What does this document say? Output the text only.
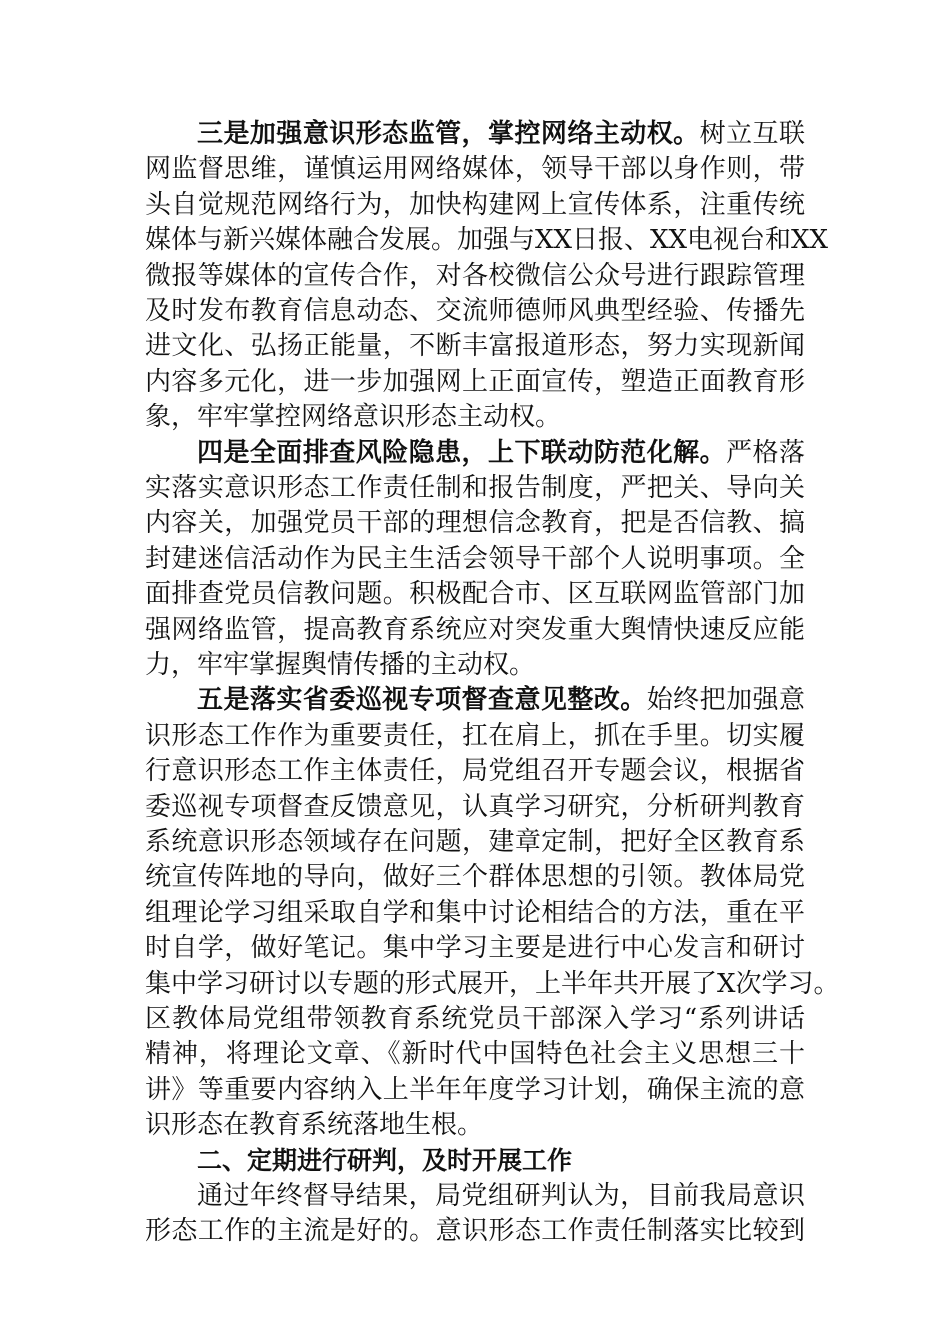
三是加强意识形态监管，掌控网络主动权。树立互联
网监督思维，谨慎运用网络媒体，领导干部以身作则，带
头自觉规范网络行为，加快构建网上宣传体系，注重传统
媒体与新兴媒体融合发展。加强与XX日报、XX电视台和XX
微报等媒体的宣传合作，对各校微信公众号进行跟踪管理
及时发布教育信息动态、交流师德师风典型经验、传播先
进文化、弘扬正能量，不断丰富报道形态，努力实现新闻
内容多元化，进一步加强网上正面宣传，塑造正面教育形
象，牢牢掌控网络意识形态主动权。
四是全面排查风险隐患，上下联动防范化解。严格落
实落实意识形态工作责任制和报告制度，严把关、导向关
内容关，加强党员干部的理想信念教育，把是否信教、搞
封建迷信活动作为民主生活会领导干部个人说明事项。全
面排查党员信教问题。积极配合市、区互联网监管部门加
强网络监管，提高教育系统应对突发重大舆情快速反应能
力，牢牢掌握舆情传播的主动权。
五是落实省委巡视专项督查意见整改。始终把加强意
识形态工作作为重要责任，扛在肩上，抓在手里。切实履
行意识形态工作主体责任，局党组召开专题会议，根据省
委巡视专项督查反馈意见，认真学习研究，分析研判教育
系统意识形态领域存在问题，建章定制，把好全区教育系
统宣传阵地的导向，做好三个群体思想的引领。教体局党
组理论学习组采取自学和集中讨论相结合的方法，重在平
时自学，做好笔记。集中学习主要是进行中心发言和研讨
集中学习研讨以专题的形式展开，上半年共开展了X次学习。
区教体局党组带领教育系统党员干部深入学习“系列讲话
精神，将理论文章、《新时代中国特色社会主义思想三十
讲》等重要内容纳入上半年年度学习计划，确保主流的意
识形态在教育系统落地生根。
二、定期进行研判，及时开展工作
通过年终督导结果，局党组研判认为，目前我局意识
形态工作的主流是好的。意识形态工作责任制落实比较到
